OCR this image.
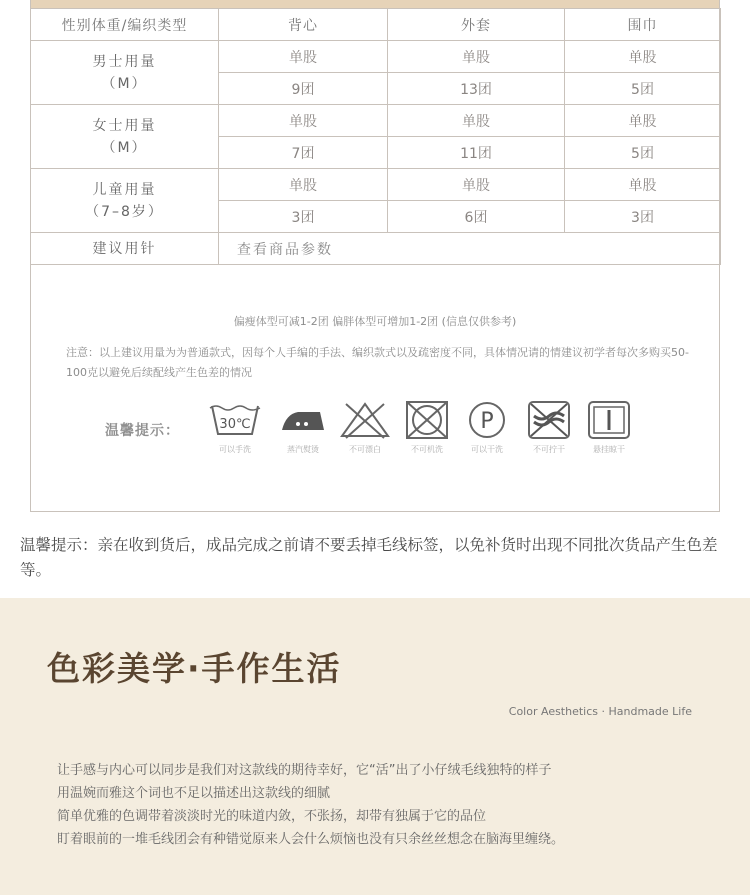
性别体重/编织类型	背心	外套	围巾
男士用量
（M）	单股	单股	单股
	9团	13团	5团
女士用量
（M）	单股	单股	单股
	7团	11团	5团
儿童用量
（7–8岁）	单股	单股	单股
	3团	6团	3团
建议用针	查看商品参数		
偏瘦体型可减1-2团 偏胖体型可增加1-2团 (信息仅供参考)
注意：以上建议用量为为普通款式，因每个人手编的手法、编织款式以及疏密度不同，具体情况请的情建议初学者每次多购买50-100克以避免后续配线产生色差的情况
温馨提示：	30℃
可以手洗	蒸汽熨烫	不可漂白	不可机洗
P
可以干洗	不可拧干	悬挂晾干
温馨提示：亲在收到货后，成品完成之前请不要丢掉毛线标签，以免补货时出现不同批次货品产生色差等。
色彩美学·手作生活
Color Aesthetics · Handmade Life
让手感与内心可以同步是我们对这款线的期待幸好，它“活”出了小仔绒毛线独特的样子
用温婉而雅这个词也不足以描述出这款线的细腻
简单优雅的色调带着淡淡时光的味道内敛，不张扬，却带有独属于它的品位
盯着眼前的一堆毛线团会有种错觉原来人会什么烦恼也没有只余丝丝想念在脑海里缠绕。
